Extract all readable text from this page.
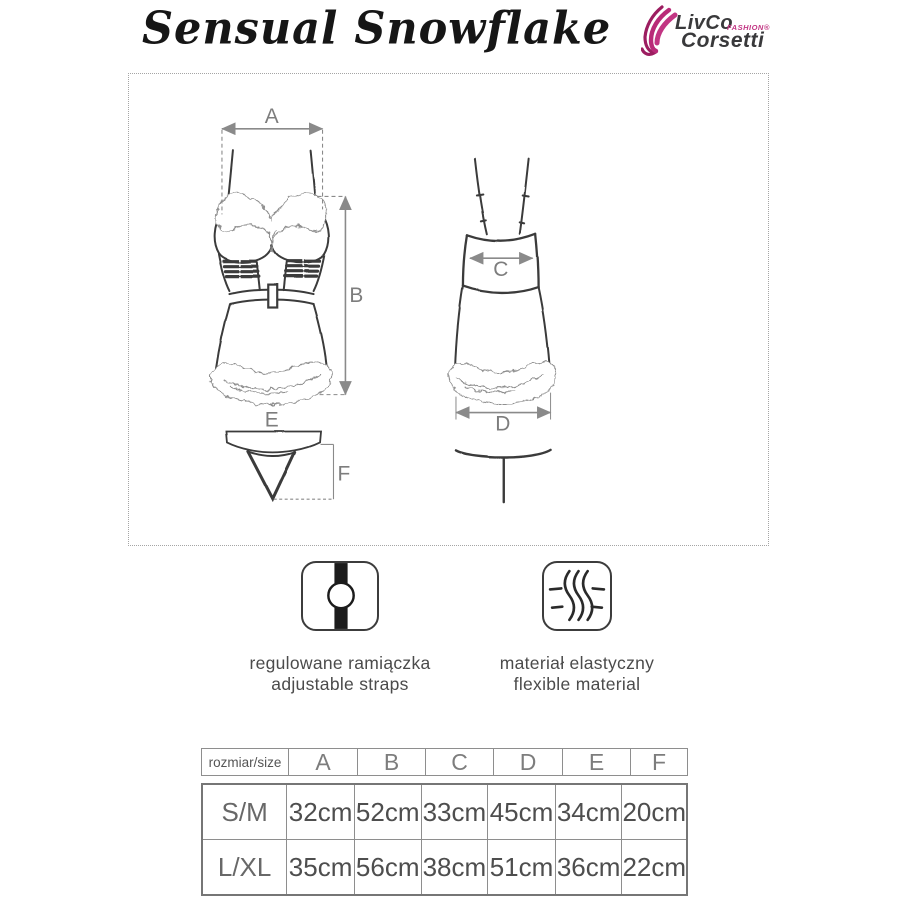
Sensual Snowflake	LivCo
FASHION®
Corsetti
A
B
C
D
E
F
regulowane ramiączka
adjustable straps
materiał elastyczny
flexible material
rozmiar/size	A	B	C	D	E	F
S/M 32cm 52cm 33cm 45cm 34cm 20cm
L/XL 35cm 56cm 38cm 51cm 36cm 22cm
